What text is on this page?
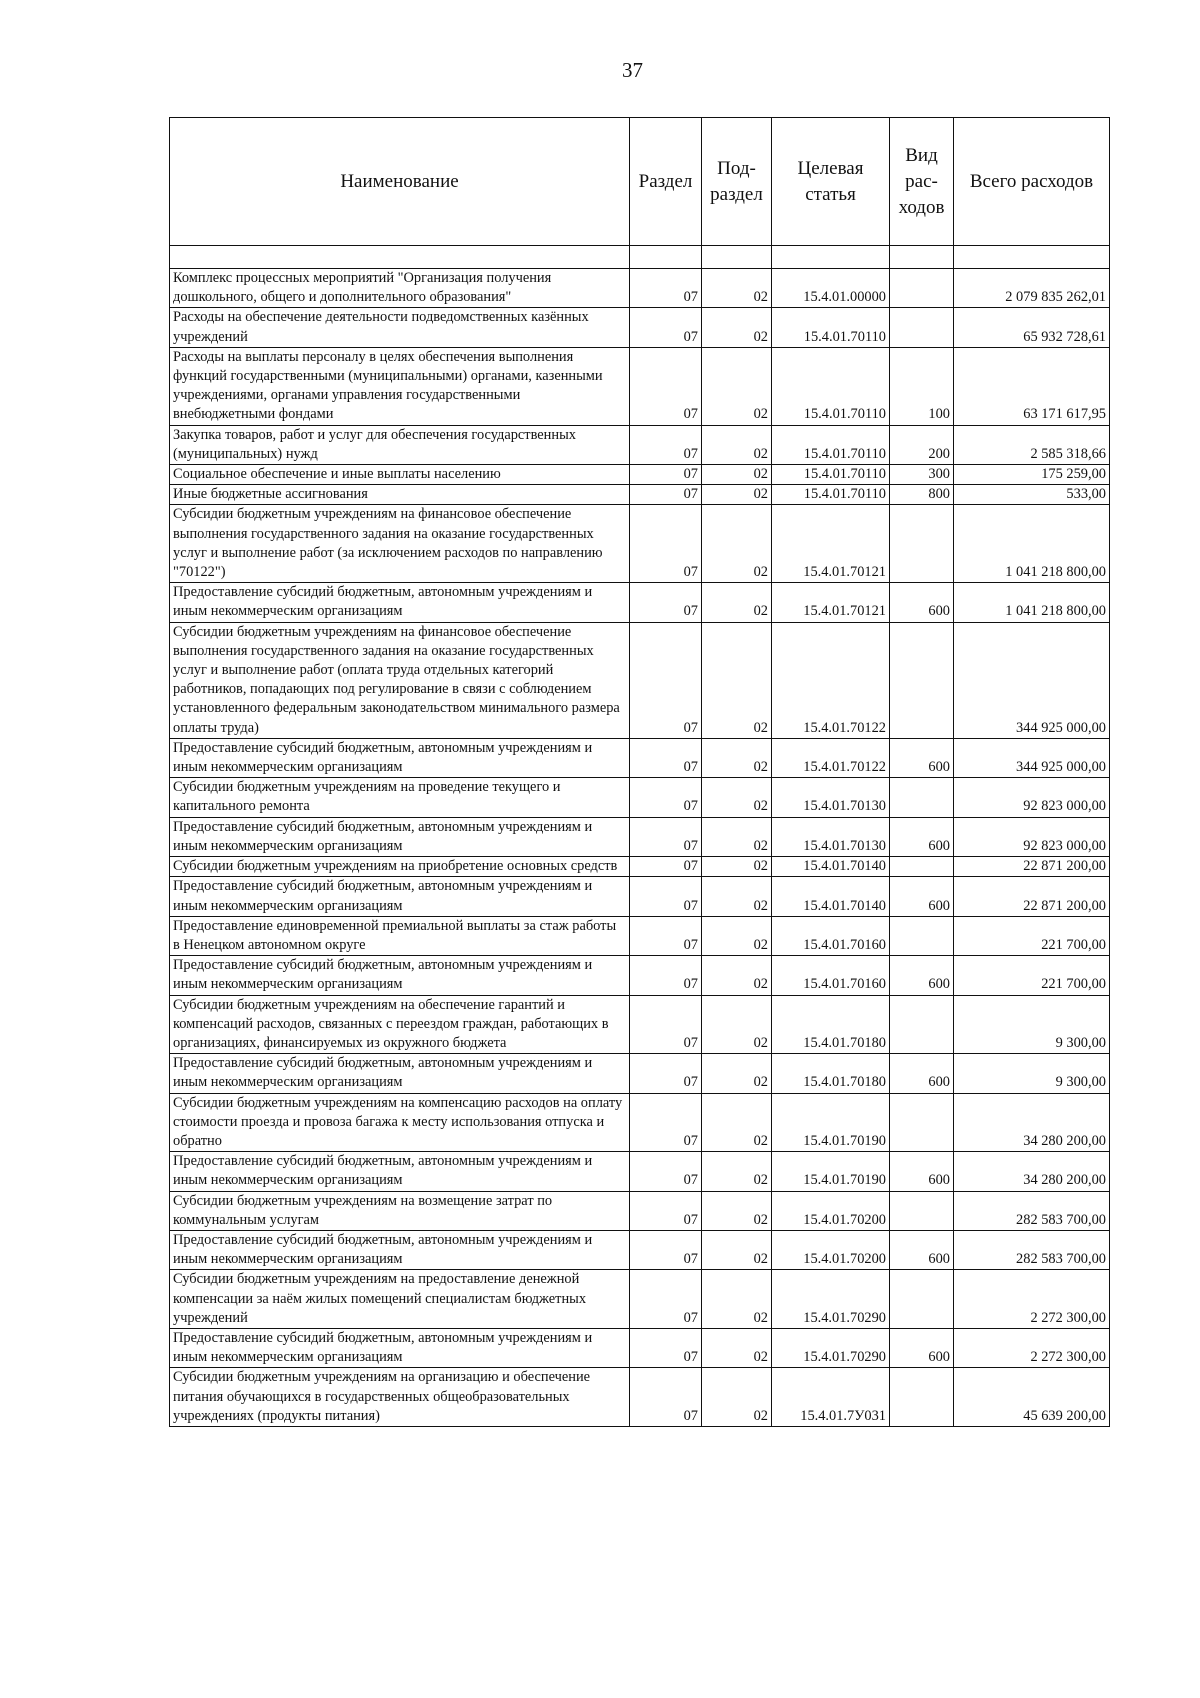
37
Наименование	Раздел	Под-раздел	Целевая статья	Вид рас-ходов	Всего расходов

Комплекс процессных мероприятий "Организация получения дошкольного, общего и дополнительного образования"	07	02	15.4.01.00000		2 079 835 262,01
Расходы на обеспечение деятельности подведомственных казённых учреждений	07	02	15.4.01.70110		65 932 728,61
Расходы на выплаты персоналу в целях обеспечения выполнения функций государственными (муниципальными) органами, казенными учреждениями, органами управления государственными внебюджетными фондами	07	02	15.4.01.70110	100	63 171 617,95
Закупка товаров, работ и услуг для обеспечения государственных (муниципальных) нужд	07	02	15.4.01.70110	200	2 585 318,66
Социальное обеспечение и иные выплаты населению	07	02	15.4.01.70110	300	175 259,00
Иные бюджетные ассигнования	07	02	15.4.01.70110	800	533,00
Субсидии бюджетным учреждениям на финансовое обеспечение выполнения государственного задания на оказание государственных услуг и выполнение работ (за исключением расходов по направлению "70122")	07	02	15.4.01.70121		1 041 218 800,00
Предоставление субсидий бюджетным, автономным учреждениям и иным некоммерческим организациям	07	02	15.4.01.70121	600	1 041 218 800,00
Субсидии бюджетным учреждениям на финансовое обеспечение выполнения государственного задания на оказание государственных услуг и выполнение работ (оплата труда отдельных категорий работников, попадающих под регулирование в связи с соблюдением установленного федеральным законодательством минимального размера оплаты труда)	07	02	15.4.01.70122		344 925 000,00
Предоставление субсидий бюджетным, автономным учреждениям и иным некоммерческим организациям	07	02	15.4.01.70122	600	344 925 000,00
Субсидии бюджетным учреждениям на проведение текущего и капитального ремонта	07	02	15.4.01.70130		92 823 000,00
Предоставление субсидий бюджетным, автономным учреждениям и иным некоммерческим организациям	07	02	15.4.01.70130	600	92 823 000,00
Субсидии бюджетным учреждениям на приобретение основных средств	07	02	15.4.01.70140		22 871 200,00
Предоставление субсидий бюджетным, автономным учреждениям и иным некоммерческим организациям	07	02	15.4.01.70140	600	22 871 200,00
Предоставление единовременной премиальной выплаты за стаж работы в Ненецком автономном округе	07	02	15.4.01.70160		221 700,00
Предоставление субсидий бюджетным, автономным учреждениям и иным некоммерческим организациям	07	02	15.4.01.70160	600	221 700,00
Субсидии бюджетным учреждениям на обеспечение гарантий и компенсаций расходов, связанных с переездом граждан, работающих в организациях, финансируемых из окружного бюджета	07	02	15.4.01.70180		9 300,00
Предоставление субсидий бюджетным, автономным учреждениям и иным некоммерческим организациям	07	02	15.4.01.70180	600	9 300,00
Субсидии бюджетным учреждениям на компенсацию расходов на оплату стоимости проезда и провоза багажа к месту использования отпуска и обратно	07	02	15.4.01.70190		34 280 200,00
Предоставление субсидий бюджетным, автономным учреждениям и иным некоммерческим организациям	07	02	15.4.01.70190	600	34 280 200,00
Субсидии бюджетным учреждениям на возмещение затрат по коммунальным услугам	07	02	15.4.01.70200		282 583 700,00
Предоставление субсидий бюджетным, автономным учреждениям и иным некоммерческим организациям	07	02	15.4.01.70200	600	282 583 700,00
Субсидии бюджетным учреждениям на предоставление денежной компенсации за наём жилых помещений специалистам бюджетных учреждений	07	02	15.4.01.70290		2 272 300,00
Предоставление субсидий бюджетным, автономным учреждениям и иным некоммерческим организациям	07	02	15.4.01.70290	600	2 272 300,00
Субсидии бюджетным учреждениям на организацию и обеспечение питания обучающихся в государственных общеобразовательных учреждениях (продукты питания)	07	02	15.4.01.7У031		45 639 200,00
